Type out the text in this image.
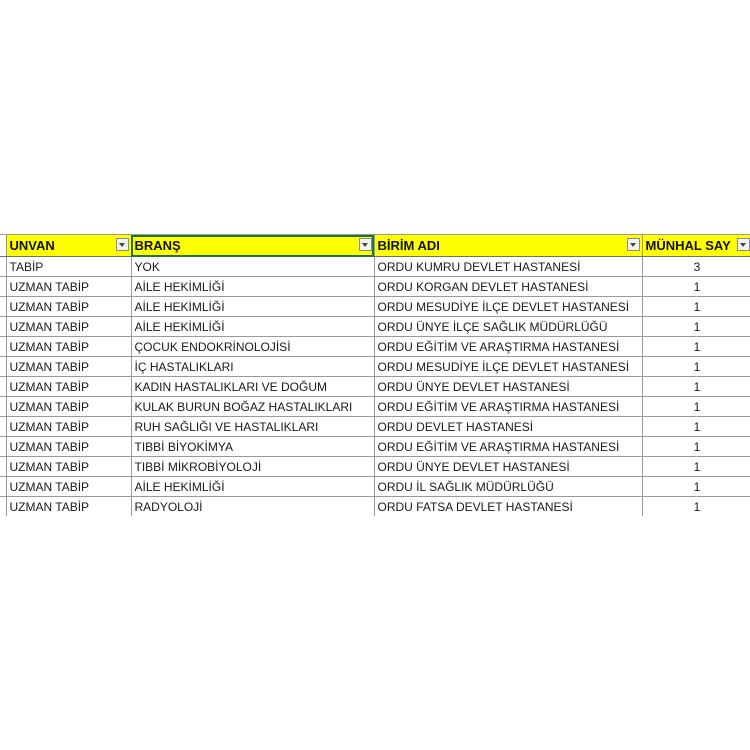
	UNVAN	BRANŞ	BİRİM ADI	MÜNHAL SAY

	TABİP	YOK	ORDU KUMRU DEVLET HASTANESİ	3
	UZMAN TABİP	AİLE HEKİMLİĞİ	ORDU KORGAN DEVLET HASTANESİ	1
	UZMAN TABİP	AİLE HEKİMLİĞİ	ORDU MESUDİYE İLÇE DEVLET HASTANESİ	1
	UZMAN TABİP	AİLE HEKİMLİĞİ	ORDU ÜNYE İLÇE SAĞLIK MÜDÜRLÜĞÜ	1
	UZMAN TABİP	ÇOCUK ENDOKRİNOLOJİSİ	ORDU EĞİTİM VE ARAŞTIRMA HASTANESİ	1
	UZMAN TABİP	İÇ HASTALIKLARI	ORDU MESUDİYE İLÇE DEVLET HASTANESİ	1
	UZMAN TABİP	KADIN HASTALIKLARI VE DOĞUM	ORDU ÜNYE DEVLET HASTANESİ	1
	UZMAN TABİP	KULAK BURUN BOĞAZ HASTALIKLARI	ORDU EĞİTİM VE ARAŞTIRMA HASTANESİ	1
	UZMAN TABİP	RUH SAĞLIĞI VE HASTALIKLARI	ORDU DEVLET HASTANESİ	1
	UZMAN TABİP	TIBBİ BİYOKİMYA	ORDU EĞİTİM VE ARAŞTIRMA HASTANESİ	1
	UZMAN TABİP	TIBBİ MİKROBİYOLOJİ	ORDU ÜNYE DEVLET HASTANESİ	1
	UZMAN TABİP	AİLE HEKİMLİĞİ	ORDU İL SAĞLIK MÜDÜRLÜĞÜ	1
	UZMAN TABİP	RADYOLOJİ	ORDU FATSA DEVLET HASTANESİ	1
